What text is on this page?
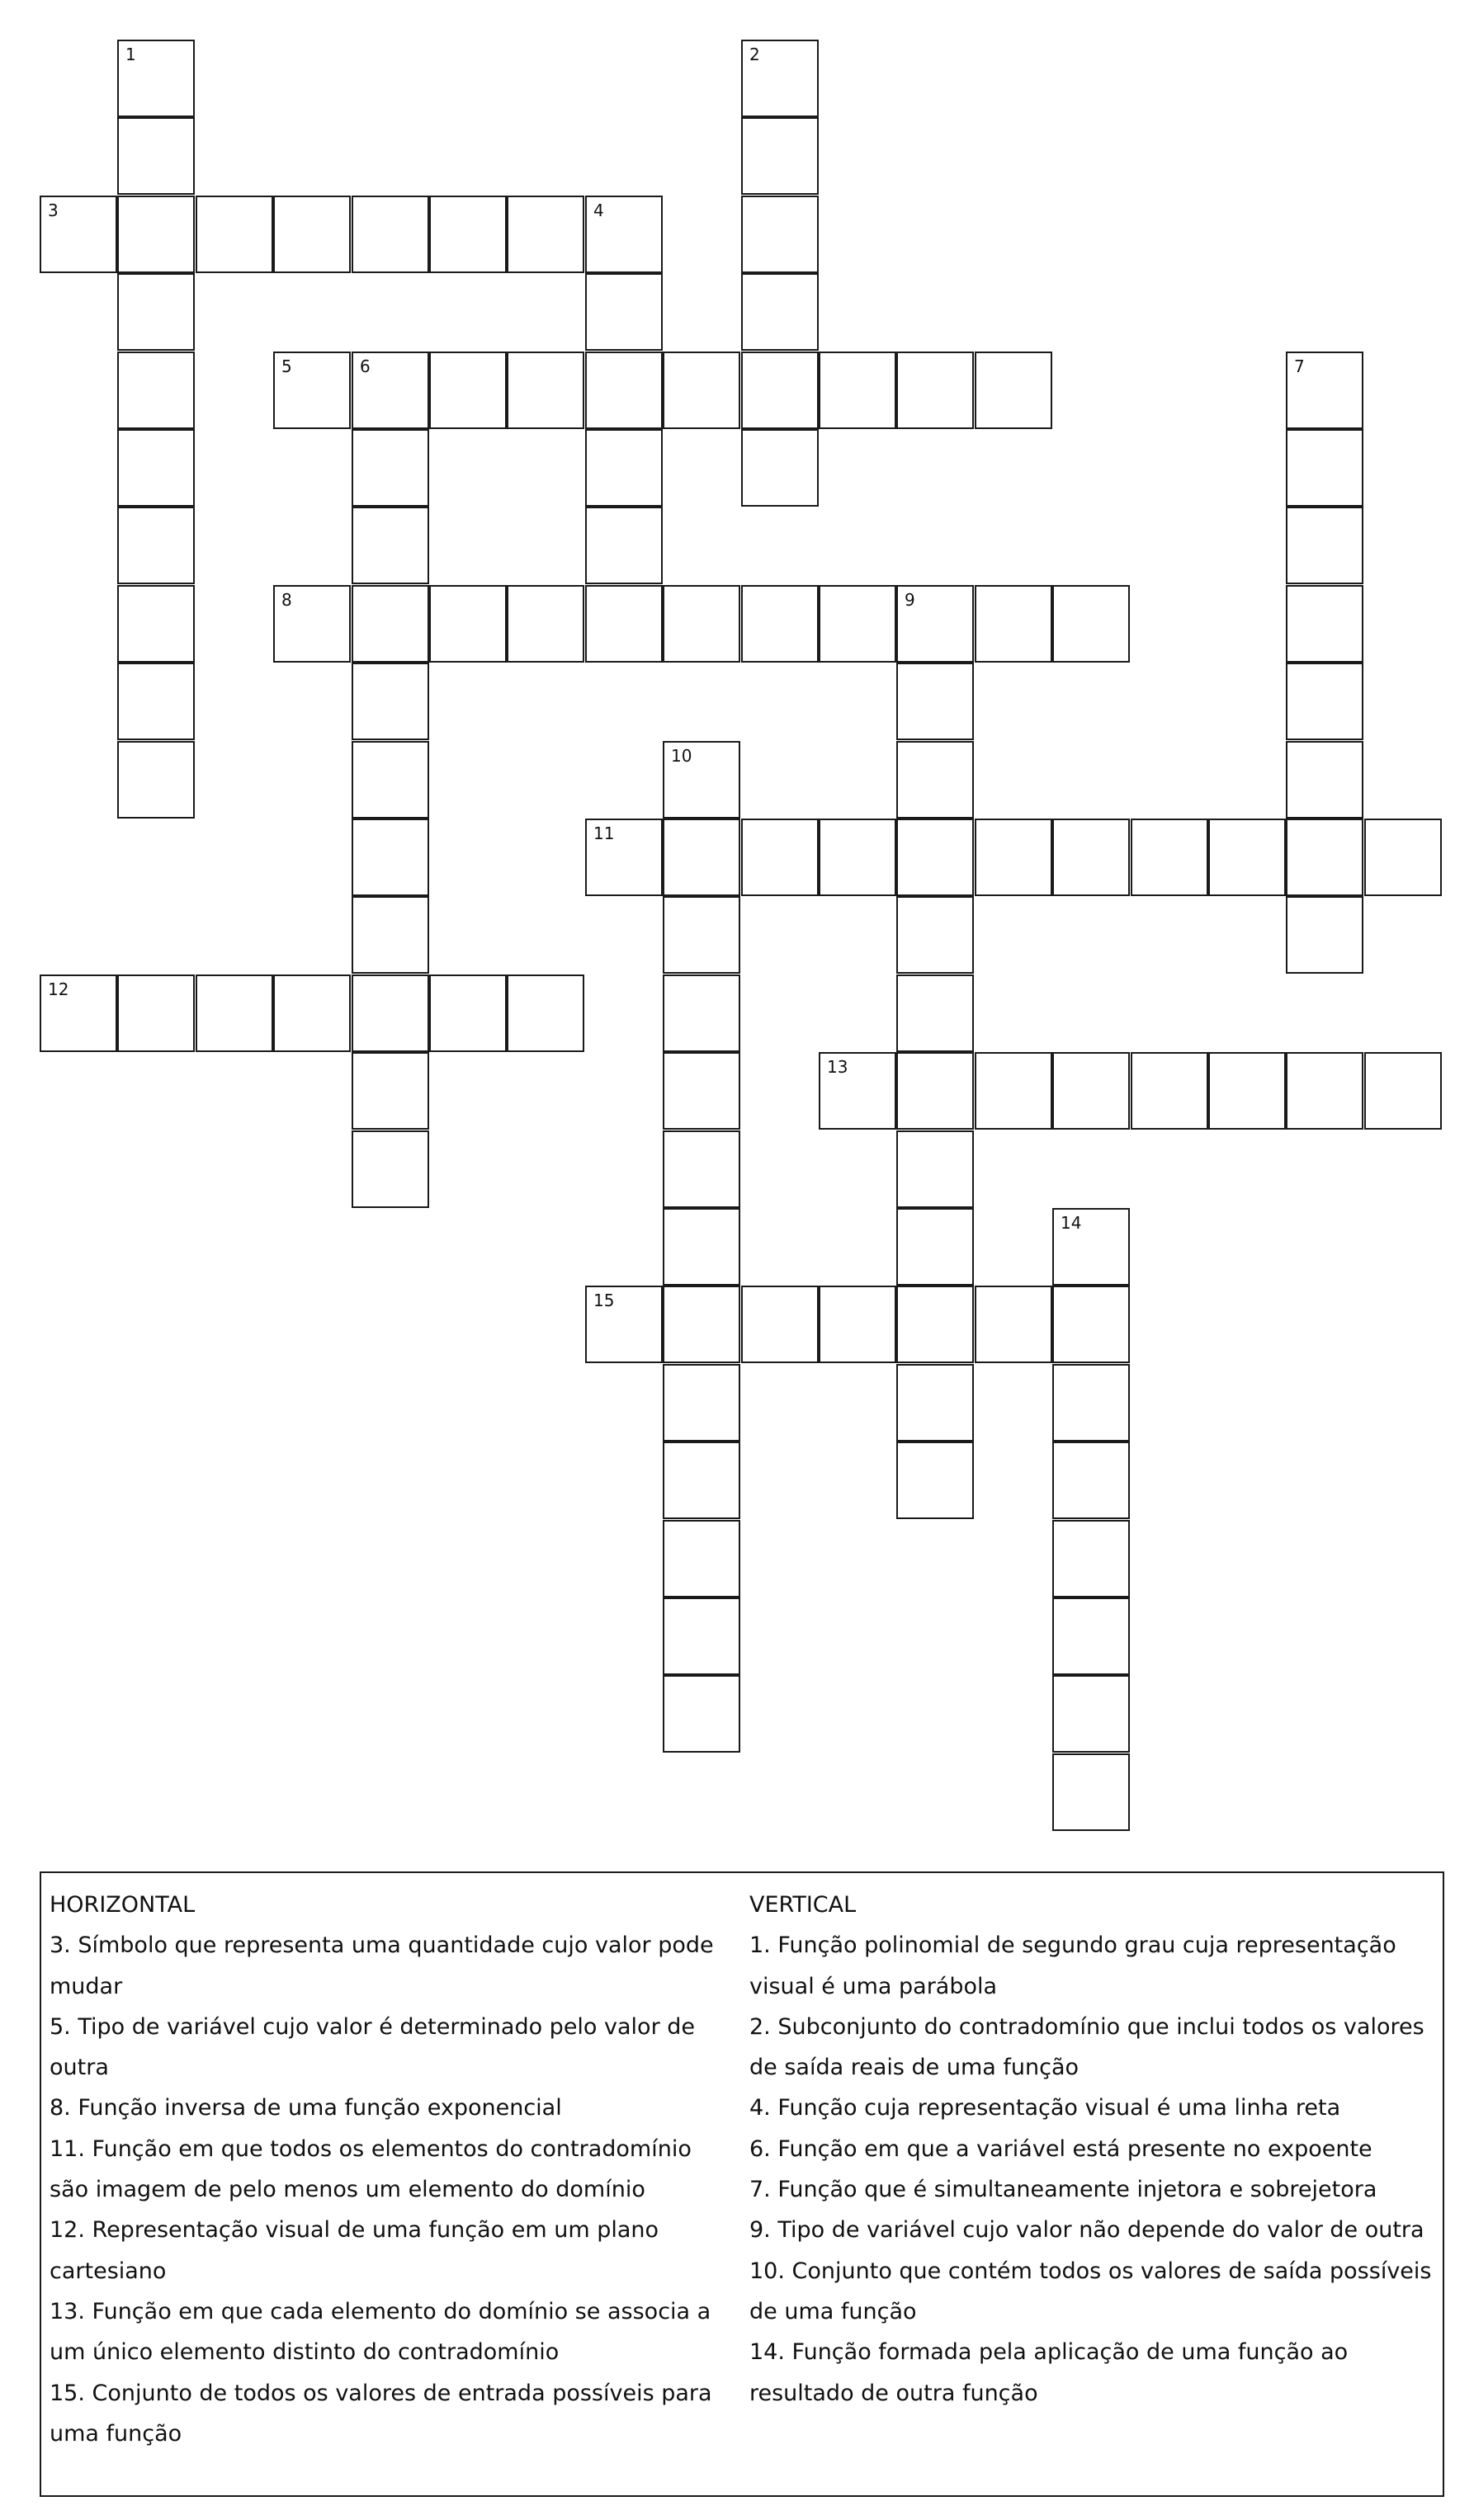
1	2
3	4
5	6	7
8	9
10
11
12
13
14
15
HORIZONTAL
3. Símbolo que representa uma quantidade cujo valor pode mudar
5. Tipo de variável cujo valor é determinado pelo valor de outra
8. Função inversa de uma função exponencial
11. Função em que todos os elementos do contradomínio são imagem de pelo menos um elemento do domínio
12. Representação visual de uma função em um plano cartesiano
13. Função em que cada elemento do domínio se associa a um único elemento distinto do contradomínio
15. Conjunto de todos os valores de entrada possíveis para uma função
VERTICAL
1. Função polinomial de segundo grau cuja representação visual é uma parábola
2. Subconjunto do contradomínio que inclui todos os valores de saída reais de uma função
4. Função cuja representação visual é uma linha reta
6. Função em que a variável está presente no expoente
7. Função que é simultaneamente injetora e sobrejetora
9. Tipo de variável cujo valor não depende do valor de outra
10. Conjunto que contém todos os valores de saída possíveis de uma função
14. Função formada pela aplicação de uma função ao resultado de outra função
